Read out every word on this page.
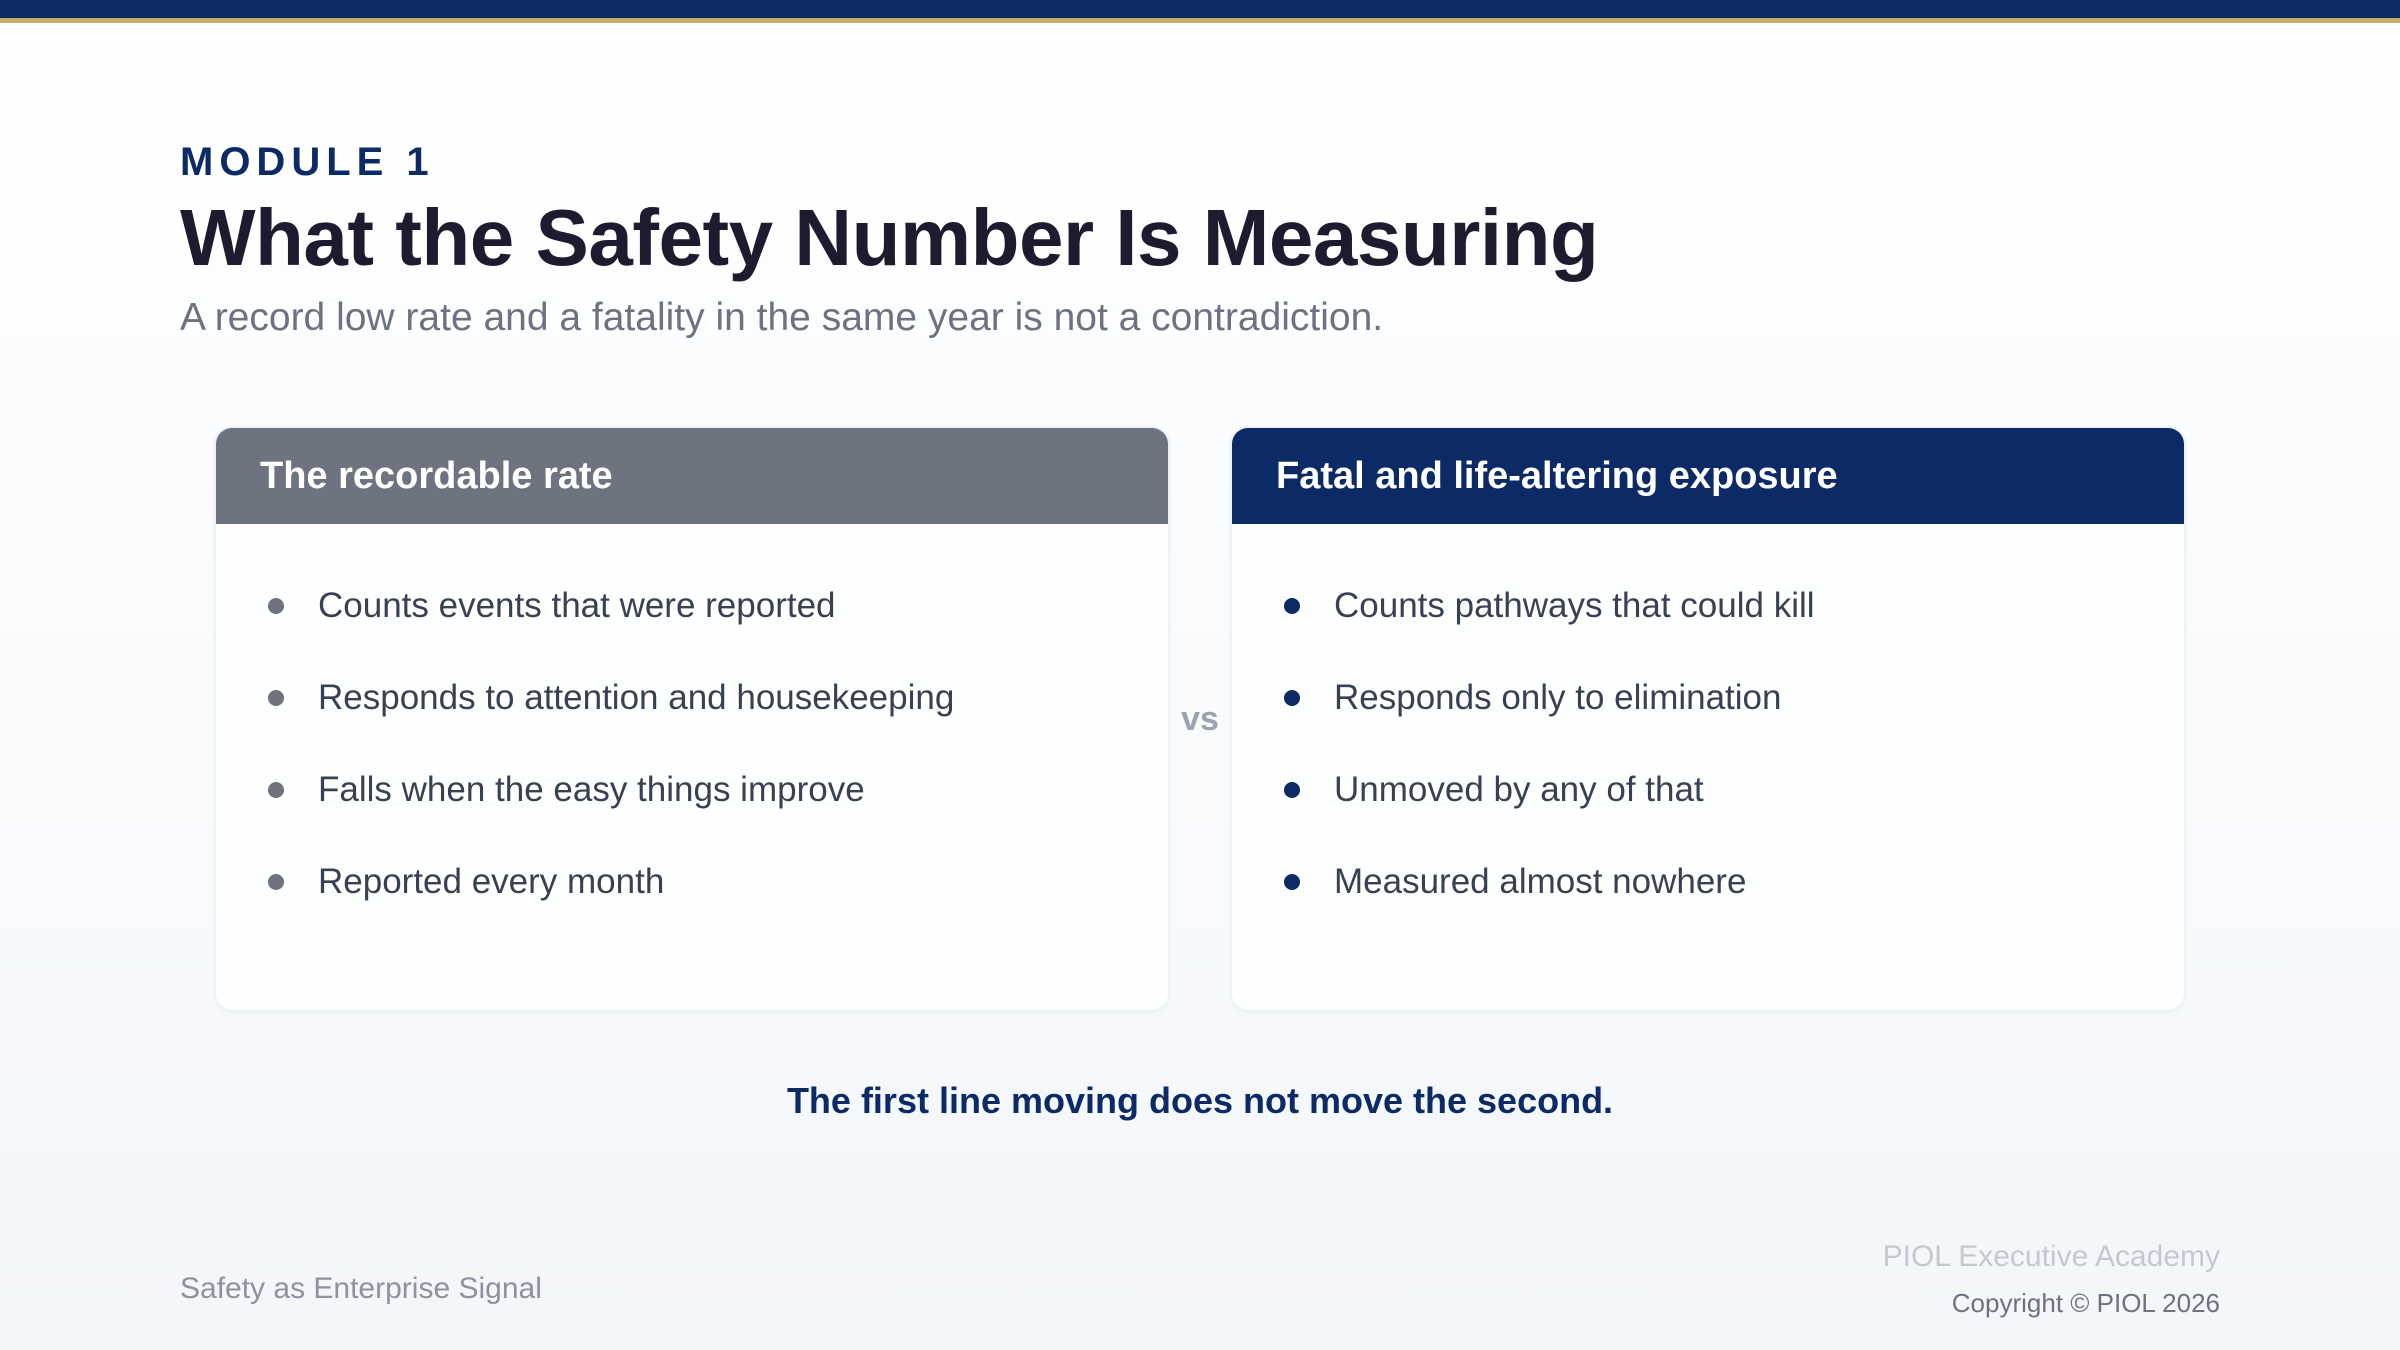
MODULE 1
What the Safety Number Is Measuring
A record low rate and a fatality in the same year is not a contradiction.
The recordable rate
Counts events that were reported
Responds to attention and housekeeping
Falls when the easy things improve
Reported every month
vs
Fatal and life-altering exposure
Counts pathways that could kill
Responds only to elimination
Unmoved by any of that
Measured almost nowhere
The first line moving does not move the second.
Safety as Enterprise Signal
PIOL Executive Academy
Copyright © PIOL 2026
